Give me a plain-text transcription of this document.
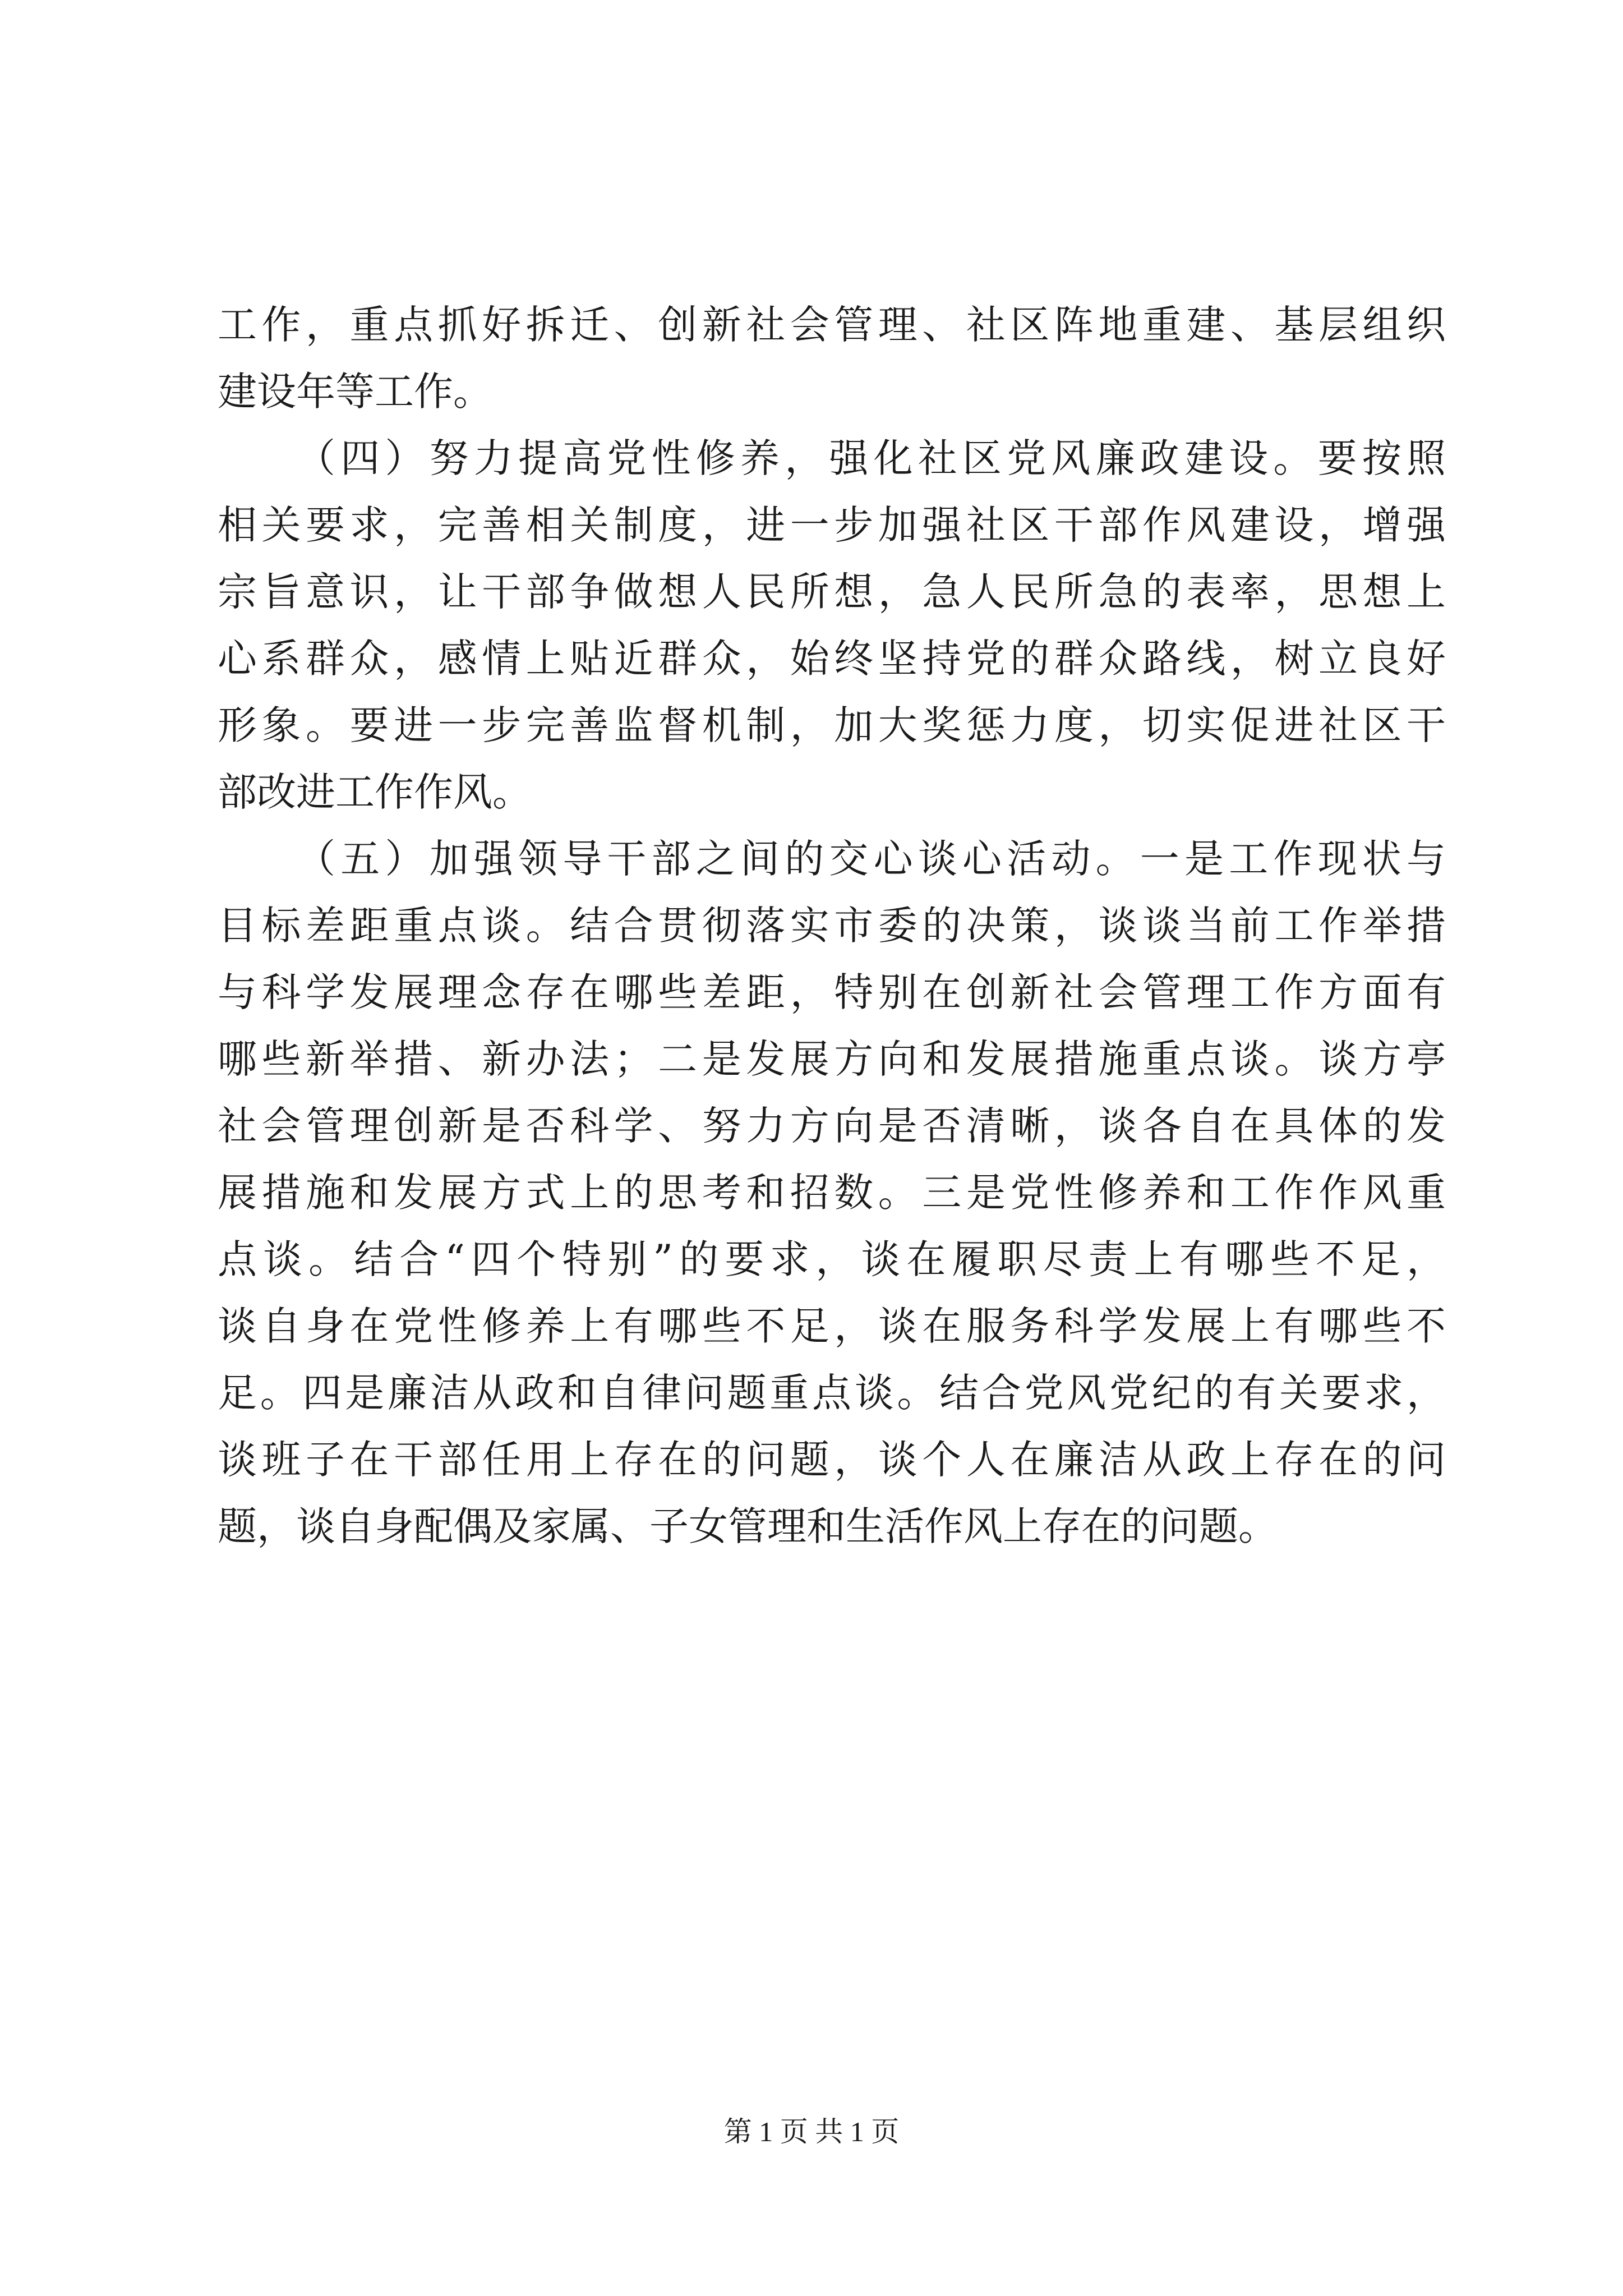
工作，重点抓好拆迁、创新社会管理、社区阵地重建、基层组织
建设年等工作。
（四）努力提高党性修养，强化社区党风廉政建设。要按照
相关要求，完善相关制度，进一步加强社区干部作风建设，增强
宗旨意识，让干部争做想人民所想，急人民所急的表率，思想上
心系群众，感情上贴近群众，始终坚持党的群众路线，树立良好
形象。要进一步完善监督机制，加大奖惩力度，切实促进社区干
部改进工作作风。
（五）加强领导干部之间的交心谈心活动。一是工作现状与
目标差距重点谈。结合贯彻落实市委的决策，谈谈当前工作举措
与科学发展理念存在哪些差距，特别在创新社会管理工作方面有
哪些新举措、新办法；二是发展方向和发展措施重点谈。谈方亭
社会管理创新是否科学、努力方向是否清晰，谈各自在具体的发
展措施和发展方式上的思考和招数。三是党性修养和工作作风重
点谈。结合“四个特别”的要求，谈在履职尽责上有哪些不足，
谈自身在党性修养上有哪些不足，谈在服务科学发展上有哪些不
足。四是廉洁从政和自律问题重点谈。结合党风党纪的有关要求，
谈班子在干部任用上存在的问题，谈个人在廉洁从政上存在的问
题，谈自身配偶及家属、子女管理和生活作风上存在的问题。
第 1 页 共 1 页
